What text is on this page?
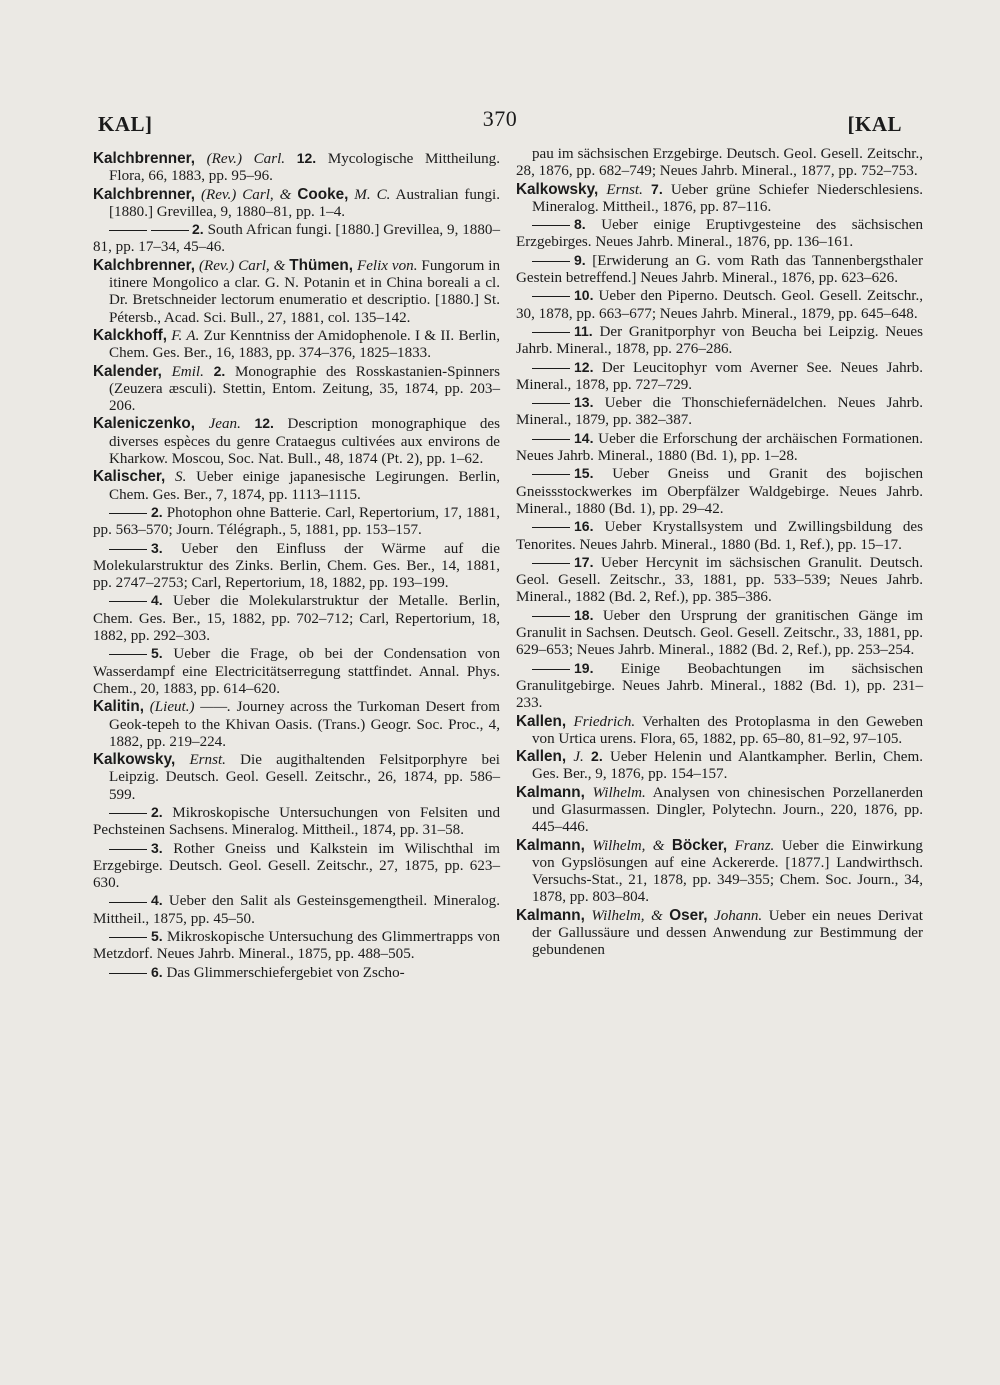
KAL]	370	[KAL

Kalchbrenner, (Rev.) Carl. 12. Mycologische Mittheilung. Flora, 66, 1883, pp. 95–96.

Kalchbrenner, (Rev.) Carl, & Cooke, M. C. Australian fungi. [1880.] Grevillea, 9, 1880–81, pp. 1–4.

2. South African fungi. [1880.] Grevillea, 9, 1880–81, pp. 17–34, 45–46.

Kalchbrenner, (Rev.) Carl, & Thümen, Felix von. Fungorum in itinere Mongolico a clar. G. N. Potanin et in China boreali a cl. Dr. Bretschneider lectorum enumeratio et descriptio. [1880.] St. Pétersb., Acad. Sci. Bull., 27, 1881, col. 135–142.

Kalckhoff, F. A. Zur Kenntniss der Amidophenole. I & II. Berlin, Chem. Ges. Ber., 16, 1883, pp. 374–376, 1825–1833.

Kalender, Emil. 2. Monographie des Rosskastanien-Spinners (Zeuzera æsculi). Stettin, Entom. Zeitung, 35, 1874, pp. 203–206.

Kaleniczenko, Jean. 12. Description monographique des diverses espèces du genre Crataegus cultivées aux environs de Kharkow. Moscou, Soc. Nat. Bull., 48, 1874 (Pt. 2), pp. 1–62.

Kalischer, S. Ueber einige japanesische Legirungen. Berlin, Chem. Ges. Ber., 7, 1874, pp. 1113–1115.

2. Photophon ohne Batterie. Carl, Repertorium, 17, 1881, pp. 563–570; Journ. Télégraph., 5, 1881, pp. 153–157.

3. Ueber den Einfluss der Wärme auf die Molekularstruktur des Zinks. Berlin, Chem. Ges. Ber., 14, 1881, pp. 2747–2753; Carl, Repertorium, 18, 1882, pp. 193–199.

4. Ueber die Molekularstruktur der Metalle. Berlin, Chem. Ges. Ber., 15, 1882, pp. 702–712; Carl, Repertorium, 18, 1882, pp. 292–303.

5. Ueber die Frage, ob bei der Condensation von Wasserdampf eine Electricitätserregung stattfindet. Annal. Phys. Chem., 20, 1883, pp. 614–620.

Kalitin, (Lieut.) ——. Journey across the Turkoman Desert from Geok-tepeh to the Khivan Oasis. (Trans.) Geogr. Soc. Proc., 4, 1882, pp. 219–224.

Kalkowsky, Ernst. Die augithaltenden Felsitporphyre bei Leipzig. Deutsch. Geol. Gesell. Zeitschr., 26, 1874, pp. 586–599.

2. Mikroskopische Untersuchungen von Felsiten und Pechsteinen Sachsens. Mineralog. Mittheil., 1874, pp. 31–58.

3. Rother Gneiss und Kalkstein im Wilischthal im Erzgebirge. Deutsch. Geol. Gesell. Zeitschr., 27, 1875, pp. 623–630.

4. Ueber den Salit als Gesteinsgemengtheil. Mineralog. Mittheil., 1875, pp. 45–50.

5. Mikroskopische Untersuchung des Glimmertrapps von Metzdorf. Neues Jahrb. Mineral., 1875, pp. 488–505.

6. Das Glimmerschiefergebiet von Zscho-

pau im sächsischen Erzgebirge. Deutsch. Geol. Gesell. Zeitschr., 28, 1876, pp. 682–749; Neues Jahrb. Mineral., 1877, pp. 752–753.

Kalkowsky, Ernst. 7. Ueber grüne Schiefer Niederschlesiens. Mineralog. Mittheil., 1876, pp. 87–116.

8. Ueber einige Eruptivgesteine des sächsischen Erzgebirges. Neues Jahrb. Mineral., 1876, pp. 136–161.

9. [Erwiderung an G. vom Rath das Tannenbergsthaler Gestein betreffend.] Neues Jahrb. Mineral., 1876, pp. 623–626.

10. Ueber den Piperno. Deutsch. Geol. Gesell. Zeitschr., 30, 1878, pp. 663–677; Neues Jahrb. Mineral., 1879, pp. 645–648.

11. Der Granitporphyr von Beucha bei Leipzig. Neues Jahrb. Mineral., 1878, pp. 276–286.

12. Der Leucitophyr vom Averner See. Neues Jahrb. Mineral., 1878, pp. 727–729.

13. Ueber die Thonschiefernädelchen. Neues Jahrb. Mineral., 1879, pp. 382–387.

14. Ueber die Erforschung der archäischen Formationen. Neues Jahrb. Mineral., 1880 (Bd. 1), pp. 1–28.

15. Ueber Gneiss und Granit des bojischen Gneissstockwerkes im Oberpfälzer Waldgebirge. Neues Jahrb. Mineral., 1880 (Bd. 1), pp. 29–42.

16. Ueber Krystallsystem und Zwillingsbildung des Tenorites. Neues Jahrb. Mineral., 1880 (Bd. 1, Ref.), pp. 15–17.

17. Ueber Hercynit im sächsischen Granulit. Deutsch. Geol. Gesell. Zeitschr., 33, 1881, pp. 533–539; Neues Jahrb. Mineral., 1882 (Bd. 2, Ref.), pp. 385–386.

18. Ueber den Ursprung der granitischen Gänge im Granulit in Sachsen. Deutsch. Geol. Gesell. Zeitschr., 33, 1881, pp. 629–653; Neues Jahrb. Mineral., 1882 (Bd. 2, Ref.), pp. 253–254.

19. Einige Beobachtungen im sächsischen Granulitgebirge. Neues Jahrb. Mineral., 1882 (Bd. 1), pp. 231–233.

Kallen, Friedrich. Verhalten des Protoplasma in den Geweben von Urtica urens. Flora, 65, 1882, pp. 65–80, 81–92, 97–105.

Kallen, J. 2. Ueber Helenin und Alantkampher. Berlin, Chem. Ges. Ber., 9, 1876, pp. 154–157.

Kalmann, Wilhelm. Analysen von chinesischen Porzellanerden und Glasurmassen. Dingler, Polytechn. Journ., 220, 1876, pp. 445–446.

Kalmann, Wilhelm, & Böcker, Franz. Ueber die Einwirkung von Gypslösungen auf eine Ackererde. [1877.] Landwirthsch. Versuchs-Stat., 21, 1878, pp. 349–355; Chem. Soc. Journ., 34, 1878, pp. 803–804.

Kalmann, Wilhelm, & Oser, Johann. Ueber ein neues Derivat der Gallussäure und dessen Anwendung zur Bestimmung der gebundenen
